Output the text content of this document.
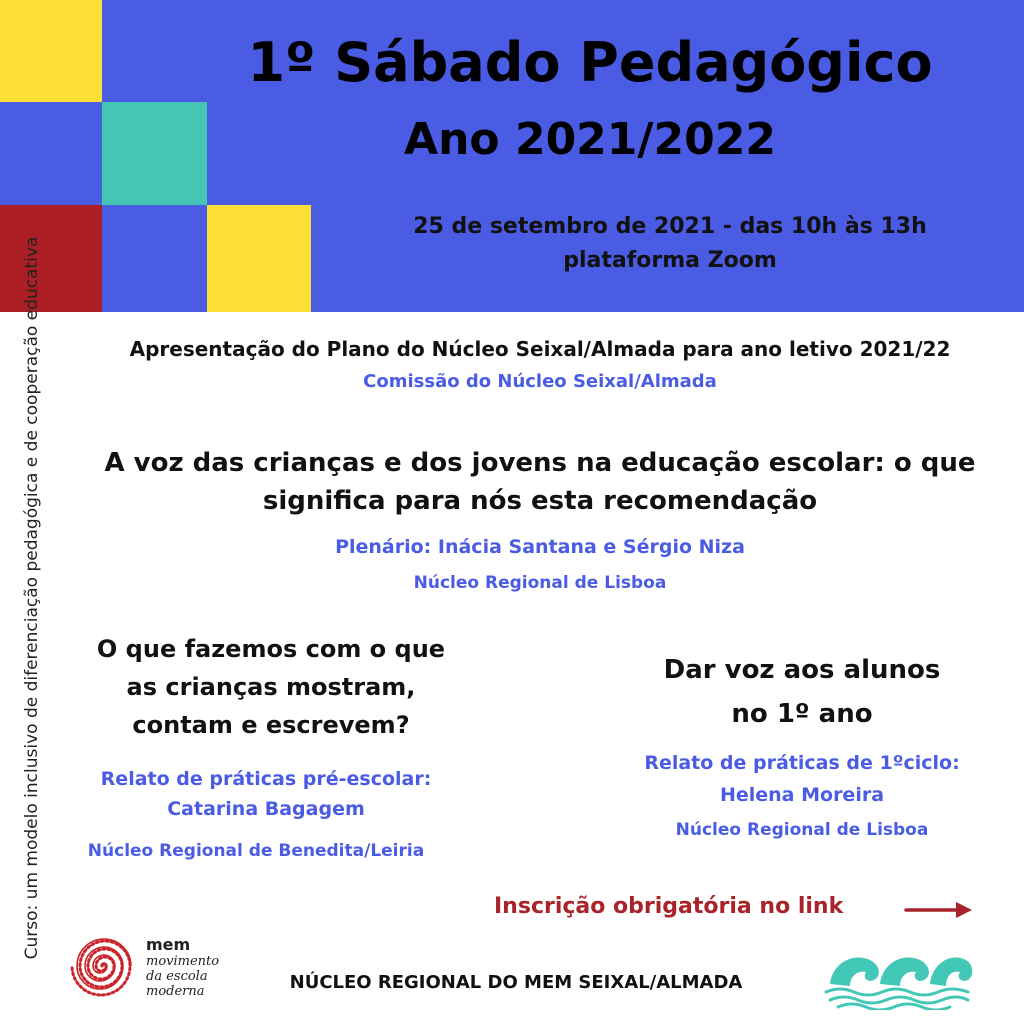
1º Sábado Pedagógico
Ano 2021/2022
25 de setembro de 2021 - das 10h às 13h
plataforma Zoom
Curso: um modelo inclusivo de diferenciação pedagógica e de cooperação educativa	Apresentação do Plano do Núcleo Seixal/Almada para ano letivo 2021/22
Comissão do Núcleo Seixal/Almada
A voz das crianças e dos jovens na educação escolar: o que
significa para nós esta recomendação
Plenário: Inácia Santana e Sérgio Niza
Núcleo Regional de Lisboa
O que fazemos com o que
as crianças mostram,
contam e escrevem?
Relato de práticas pré-escolar:
Catarina Bagagem
Núcleo Regional de Benedita/Leiria
Dar voz aos alunos
no 1º ano
Relato de práticas de 1ºciclo:
Helena Moreira
Núcleo Regional de Lisboa
Inscrição obrigatória no link
mem
movimento
da escola
moderna	NÚCLEO REGIONAL DO MEM SEIXAL/ALMADA
